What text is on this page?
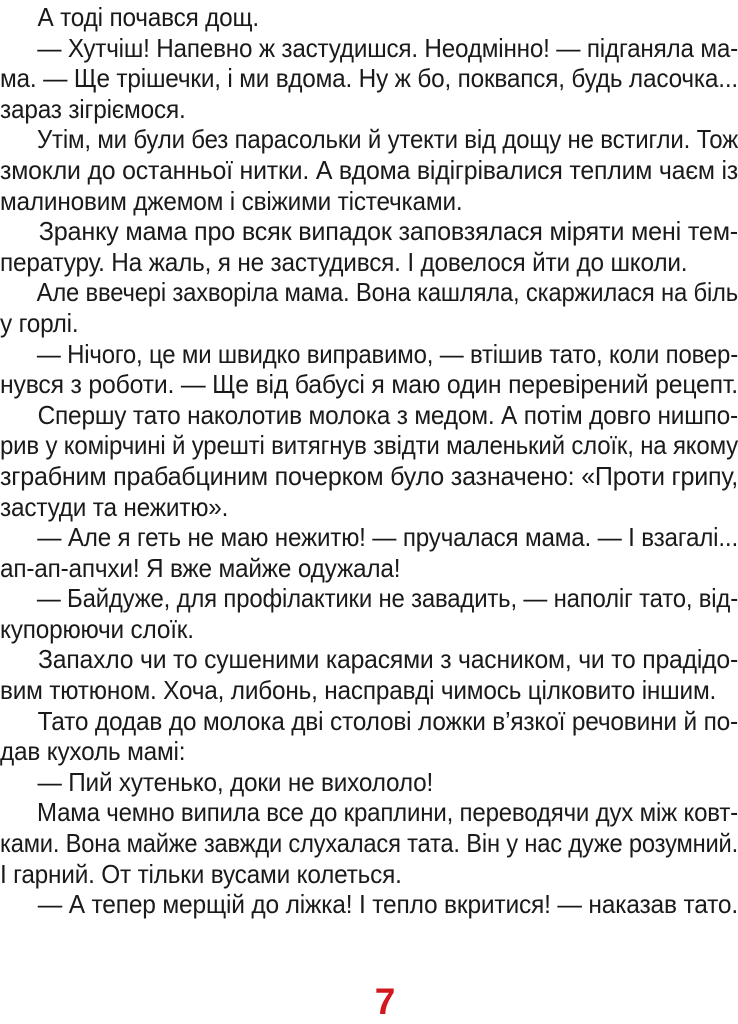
А тоді почався дощ.
— Хутчіш! Напевно ж застудишся. Неодмінно! — підганяла ма-
ма. — Ще трішечки, і ми вдома. Ну ж бо, поквапся, будь ласочка...
зараз зігріємося.
Утім, ми були без парасольки й утекти від дощу не встигли. Тож
змокли до останньої нитки. А вдома відігрівалися теплим чаєм із
малиновим джемом і свіжими тістечками.
Зранку мама про всяк випадок заповзялася міряти мені тем-
пературу. На жаль, я не застудився. І довелося йти до школи.
Але ввечері захворіла мама. Вона кашляла, скаржилася на біль
у горлі.
— Нічого, це ми швидко виправимо, — втішив тато, коли повер-
нувся з роботи. — Ще від бабусі я маю один перевірений рецепт.
Спершу тато наколотив молока з медом. А потім довго нишпо-
рив у комірчині й урешті витягнув звідти маленький слоїк, на якому
зграбним прабабциним почерком було зазначено: «Проти грипу,
застуди та нежитю».
— Але я геть не маю нежитю! — пручалася мама. — І взагалі...
ап-ап-апчхи! Я вже майже одужала!
— Байдуже, для профілактики не завадить, — наполіг тато, від-
купорюючи слоїк.
Запахло чи то сушеними карасями з часником, чи то прадідо-
вим тютюном. Хоча, либонь, насправді чимось цілковито іншим.
Тато додав до молока дві столові ложки в’язкої речовини й по-
дав кухоль мамі:
— Пий хутенько, доки не вихололо!
Мама чемно випила все до краплини, переводячи дух між ковт-
ками. Вона майже завжди слухалася тата. Він у нас дуже розумний.
І гарний. От тільки вусами колеться.
— А тепер мерщій до ліжка! І тепло вкритися! — наказав тато.
7
